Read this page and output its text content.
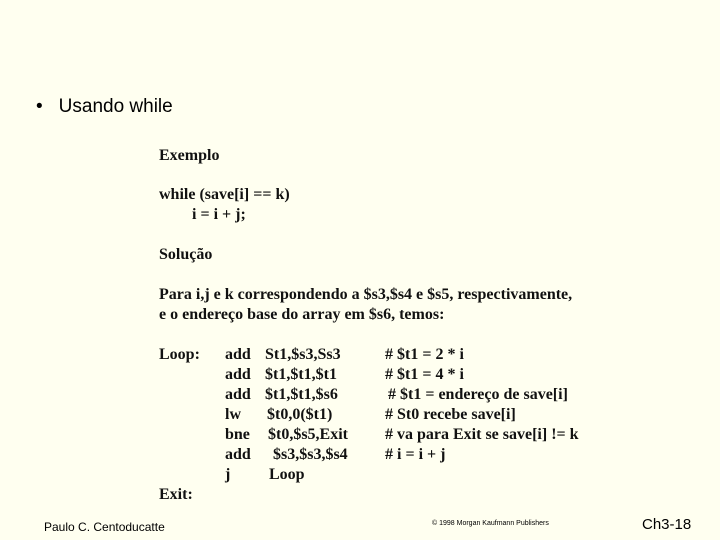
• Usando while
Exemplo
while (save[i] == k)
i = i + j;
Solução
Para i,j e k correspondendo a $s3,$s4 e $s5, respectivamente,
e o endereço base do array em $s6, temos:
Loop: add St1,$s3,Ss3	# $t1 = 2 * i
add $t1,$t1,$t1	# $t1 = 4 * i
add $t1,$t1,$s6	# $t1 = endereço de save[i]
lw $t0,0($t1)	# St0 recebe save[i]
bne $t0,$s5,Exit # va para Exit se save[i] != k
add $s3,$s3,$s4 # i = i + j
j Loop
Exit:
Paulo C. Centoducatte	© 1998 Morgan Kaufmann Publishers	Ch3-18
